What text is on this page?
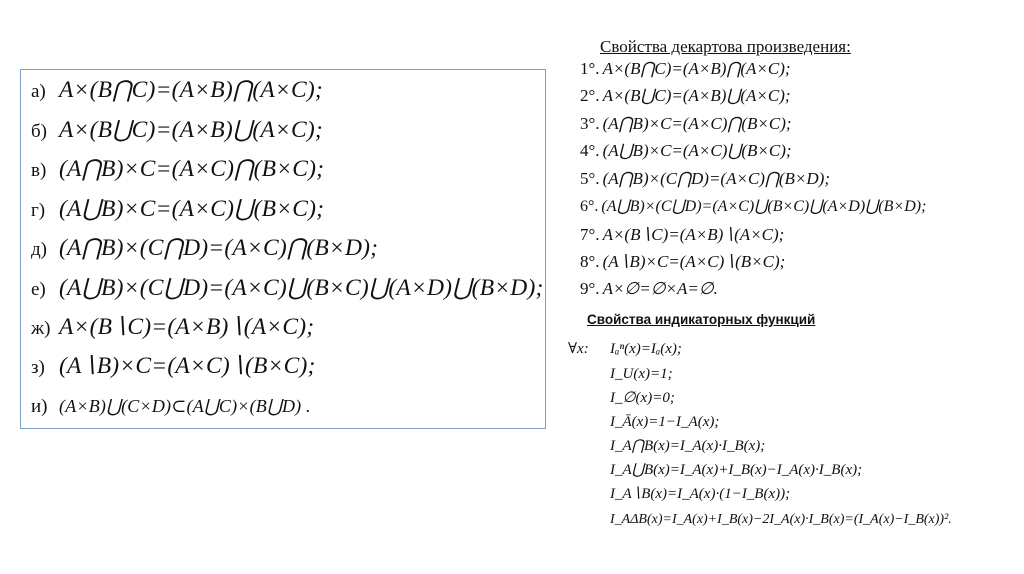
а) A×(B⋂C)=(A×B)⋂(A×C);
б) A×(B⋃C)=(A×B)⋃(A×C);
в) (A⋂B)×C=(A×C)⋂(B×C);
г) (A⋃B)×C=(A×C)⋃(B×C);
д) (A⋂B)×(C⋂D)=(A×C)⋂(B×D);
е) (A⋃B)×(C⋃D)=(A×C)⋃(B×C)⋃(A×D)⋃(B×D);
ж) A×(B∖C)=(A×B)∖(A×C);
з) (A∖B)×C=(A×C)∖(B×C);
и) (A×B)⋃(C×D)⊂(A⋃C)×(B⋃D) .
Свойства декартова произведения:
1°. A×(B⋂C)=(A×B)⋂(A×C);
2°. A×(B⋃C)=(A×B)⋃(A×C);
3°. (A⋂B)×C=(A×C)⋂(B×C);
4°. (A⋃B)×C=(A×C)⋃(B×C);
5°. (A⋂B)×(C⋂D)=(A×C)⋂(B×D);
6°. (A⋃B)×(C⋃D)=(A×C)⋃(B×C)⋃(A×D)⋃(B×D);
7°. A×(B∖C)=(A×B)∖(A×C);
8°. (A∖B)×C=(A×C)∖(B×C);
9°. A×∅=∅×A=∅.
Свойства индикаторных функций
∀x: Iₐⁿ(x)=Iₐ(x);
I_U(x)=1;
I_∅(x)=0;
I_Ā(x)=1−I_A(x);
I_A⋂B(x)=I_A(x)·I_B(x);
I_A⋃B(x)=I_A(x)+I_B(x)−I_A(x)·I_B(x);
I_A∖B(x)=I_A(x)·(1−I_B(x));
I_AΔB(x)=I_A(x)+I_B(x)−2I_A(x)·I_B(x)=(I_A(x)−I_B(x))².
